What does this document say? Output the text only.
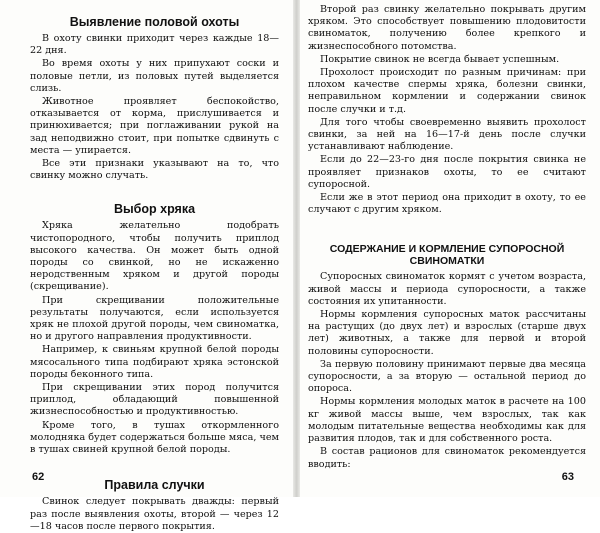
Выявление половой охоты

В охоту свинки приходит через каждые 18—22 дня.

Во время охоты у них припухают соски и половые петли, из половых путей выделяется слизь.

Животное проявляет беспокойство, отказывается от корма, прислушивается и принюхивается; при поглаживании рукой на зад неподвижно стоит, при попытке сдвинуть с места — упирается.

Все эти признаки указывают на то, что свинку можно случать.

Выбор хряка

Хряка желательно подобрать чистопородного, чтобы получить приплод высокого качества. Он может быть одной породы со свинкой, но не искаженно неродственным хряком и другой породы (скрещивание).

При скрещивании положительные результаты получаются, если используется хряк не плохой другой породы, чем свиноматка, но и другого направления продуктивности.

Например, к свиньям крупной белой породы мясосального типа подбирают хряка эстонской породы беконного типа.

При скрещивании этих пород получится приплод, обладающий повышенной жизнеспособностью и продуктивностью.

Кроме того, в тушах откормленного молодняка будет содержаться больше мяса, чем в тушах свиней крупной белой породы.

Правила случки

Свинок следует покрывать дважды: первый раз после выявления охоты, второй — через 12—18 часов после первого покрытия.

62

Второй раз свинку желательно покрывать другим хряком. Это способствует повышению плодовитости свиноматок, получению более крепкого и жизнеспособного потомства.

Покрытие свинок не всегда бывает успешным.

Прохолост происходит по разным причинам: при плохом качестве спермы хряка, болезни свинки, неправильном кормлении и содержании свинок после случки и т.д.

Для того чтобы своевременно выявить прохолост свинки, за ней на 16—17-й день после случки устанавливают наблюдение.

Если до 22—23-го дня после покрытия свинка не проявляет признаков охоты, то ее считают супоросной.

Если же в этот период она приходит в охоту, то ее случают с другим хряком.

СОДЕРЖАНИЕ И КОРМЛЕНИЕ СУПОРОСНОЙ СВИНОМАТКИ

Супоросных свиноматок кормят с учетом возраста, живой массы и периода супоросности, а также состояния их упитанности.

Нормы кормления супоросных маток рассчитаны на растущих (до двух лет) и взрослых (старше двух лет) животных, а также для первой и второй половины супоросности.

За первую половину принимают первые два месяца супоросности, а за вторую — остальной период до опороса.

Нормы кормления молодых маток в расчете на 100 кг живой массы выше, чем взрослых, так как молодым питательные вещества необходимы как для развития плодов, так и для собственного роста.

В состав рационов для свиноматок рекомендуется вводить:

63
